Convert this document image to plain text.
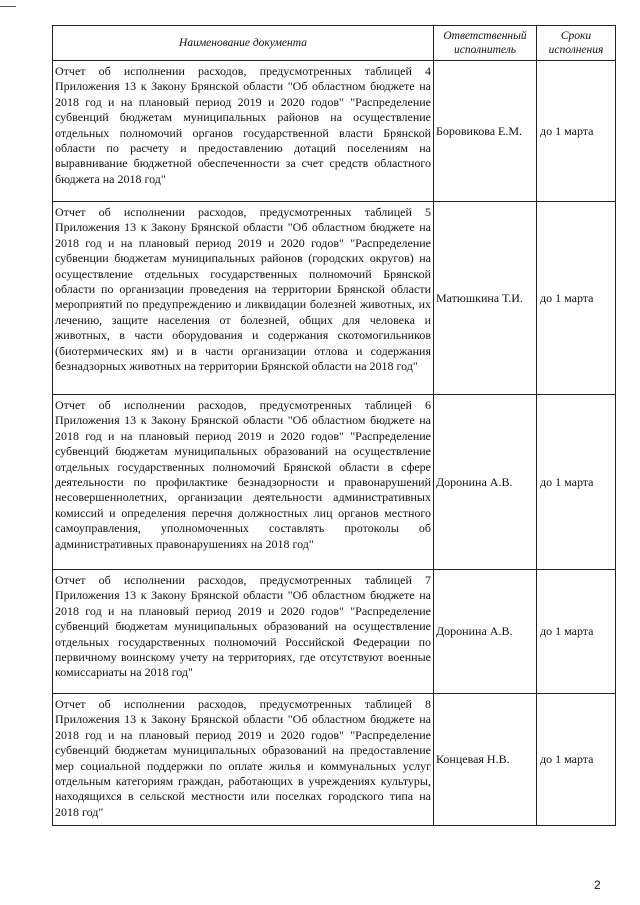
Наименование документа	Ответственный исполнитель	Сроки исполнения
Отчет об исполнении расходов, предусмотренных таблицей 4 Приложения 13 к Закону Брянской области "Об областном бюджете на 2018 год и на плановый период 2019 и 2020 годов" "Распределение субвенций бюджетам муниципальных районов на осуществление отдельных полномочий органов государственной власти Брянской области по расчету и предоставлению дотаций поселениям на выравнивание бюджетной обеспеченности за счет средств областного бюджета на 2018 год"	Боровикова Е.М.	до 1 марта
Отчет об исполнении расходов, предусмотренных таблицей 5 Приложения 13 к Закону Брянской области "Об областном бюджете на 2018 год и на плановый период 2019 и 2020 годов" "Распределение субвенции бюджетам муниципальных районов (городских округов) на осуществление отдельных государственных полномочий Брянской области по организации проведения на территории Брянской области мероприятий по предупреждению и ликвидации болезней животных, их лечению, защите населения от болезней, общих для человека и животных, в части оборудования и содержания скотомогильников (биотермических ям) и в части организации отлова и содержания безнадзорных животных на территории Брянской области на 2018 год"	Матюшкина Т.И.	до 1 марта
Отчет об исполнении расходов, предусмотренных таблицей 6 Приложения 13 к Закону Брянской области "Об областном бюджете на 2018 год и на плановый период 2019 и 2020 годов" "Распределение субвенций бюджетам муниципальных образований на осуществление отдельных государственных полномочий Брянской области в сфере деятельности по профилактике безнадзорности и правонарушений несовершеннолетних, организации деятельности административных комиссий и определения перечня должностных лиц органов местного самоуправления, уполномоченных составлять протоколы об административных правонарушениях на 2018 год"	Доронина А.В.	до 1 марта
Отчет об исполнении расходов, предусмотренных таблицей 7 Приложения 13 к Закону Брянской области "Об областном бюджете на 2018 год и на плановый период 2019 и 2020 годов" "Распределение субвенций бюджетам муниципальных образований на осуществление отдельных государственных полномочий Российской Федерации по первичному воинскому учету на территориях, где отсутствуют военные комиссариаты на 2018 год"	Доронина А.В.	до 1 марта
Отчет об исполнении расходов, предусмотренных таблицей 8 Приложения 13 к Закону Брянской области "Об областном бюджете на 2018 год и на плановый период 2019 и 2020 годов" "Распределение субвенций бюджетам муниципальных образований на предоставление мер социальной поддержки по оплате жилья и коммунальных услуг отдельным категориям граждан, работающих в учреждениях культуры, находящихся в сельской местности или поселках городского типа на 2018 год"	Концевая Н.В.	до 1 марта
2
